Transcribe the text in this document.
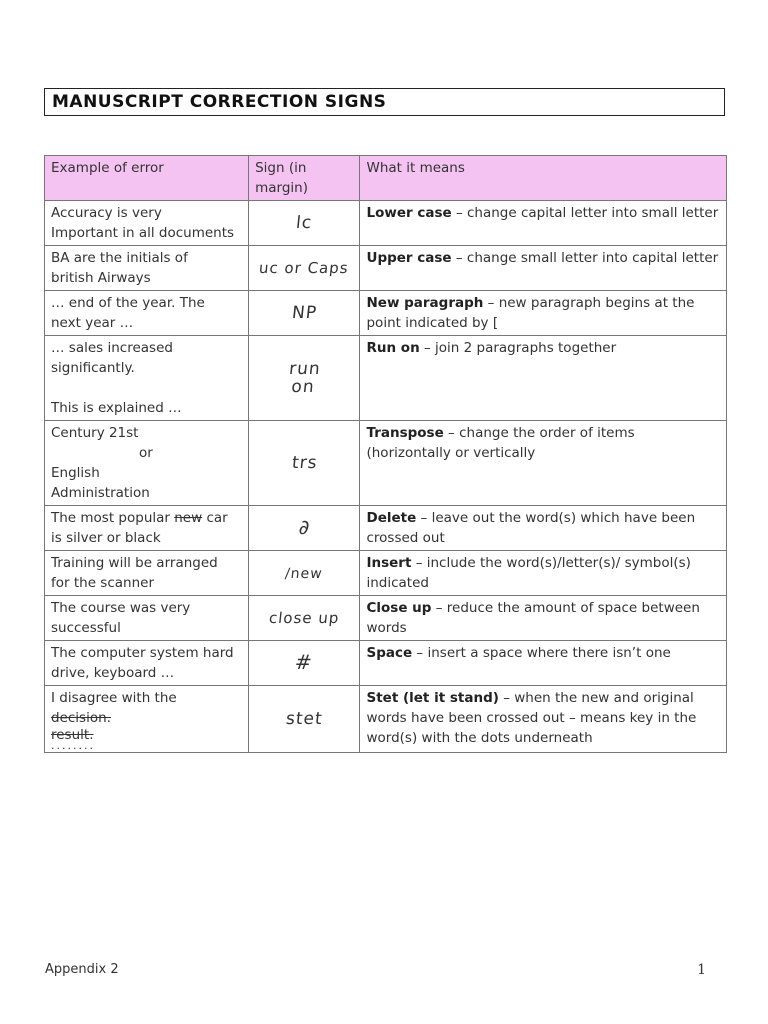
MANUSCRIPT CORRECTION SIGNS
Example of error	Sign (in margin)	What it means

Accuracy is very
Important in all documents	lc	Lower case – change capital letter into small letter

BA are the initials of
british Airways	uc or Caps	Upper case – change small letter into capital letter

… end of the year. The
next year …	NP	New paragraph – new paragraph begins at the point indicated by [

… sales increased
significantly.
This is explained …	run on	Run on – join 2 paragraphs together

Century 21st
or
English
Administration	trs	Transpose – change the order of items (horizontally or vertically

The most popular new car
is silver or black	∂	Delete – leave out the word(s) which have been crossed out

Training will be arranged
for the scanner	/new	Insert – include the word(s)/letter(s)/ symbol(s) indicated

The course was very
successful	close up	Close up – reduce the amount of space between words

The computer system hard
drive, keyboard …	#	Space – insert a space where there isn’t one

I disagree with the
decision.
result.
........	stet	Stet (let it stand) – when the new and original words have been crossed out – means key in the word(s) with the dots underneath
Appendix 2	1
